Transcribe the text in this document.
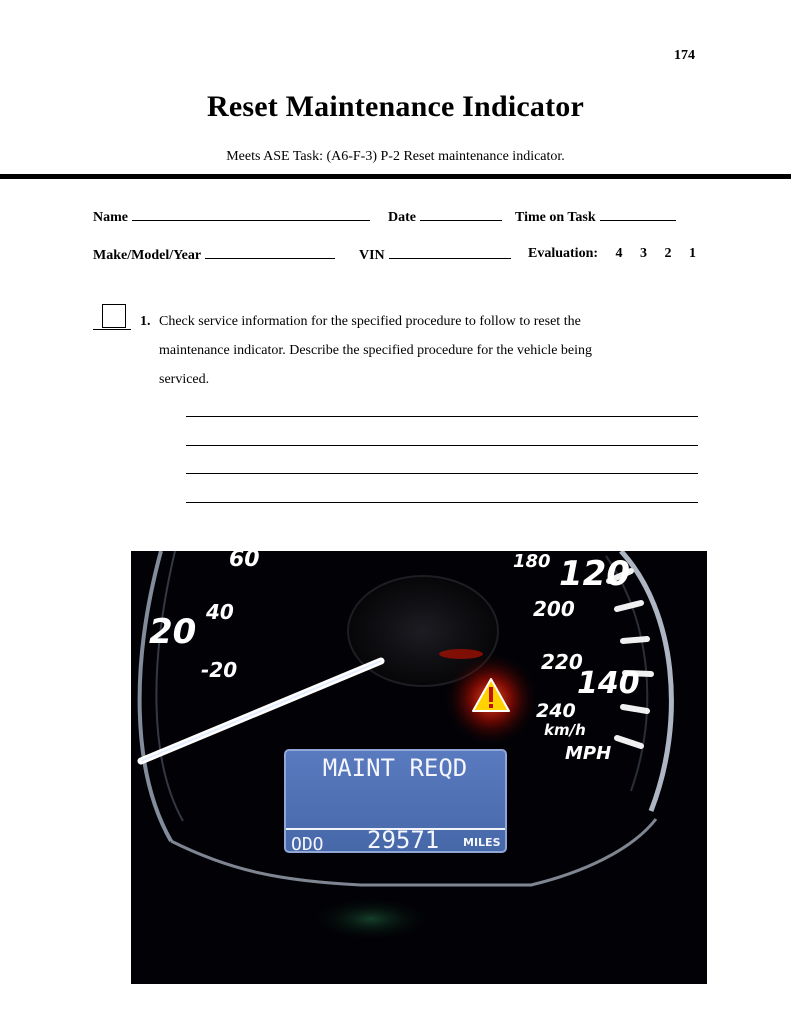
174
Reset Maintenance Indicator
Meets ASE Task: (A6-F-3) P-2 Reset maintenance indicator.
Name	Date	Time on Task
Make/Model/Year	VIN	Evaluation: 4 3 2 1
1. Check service information for the specified procedure to follow to reset the
maintenance indicator. Describe the specified procedure for the vehicle being
serviced.
60
40
20
-20
180 120
200
220
140
240
km/h
MPH
MAINT REQD
ODO 29571 MILES
